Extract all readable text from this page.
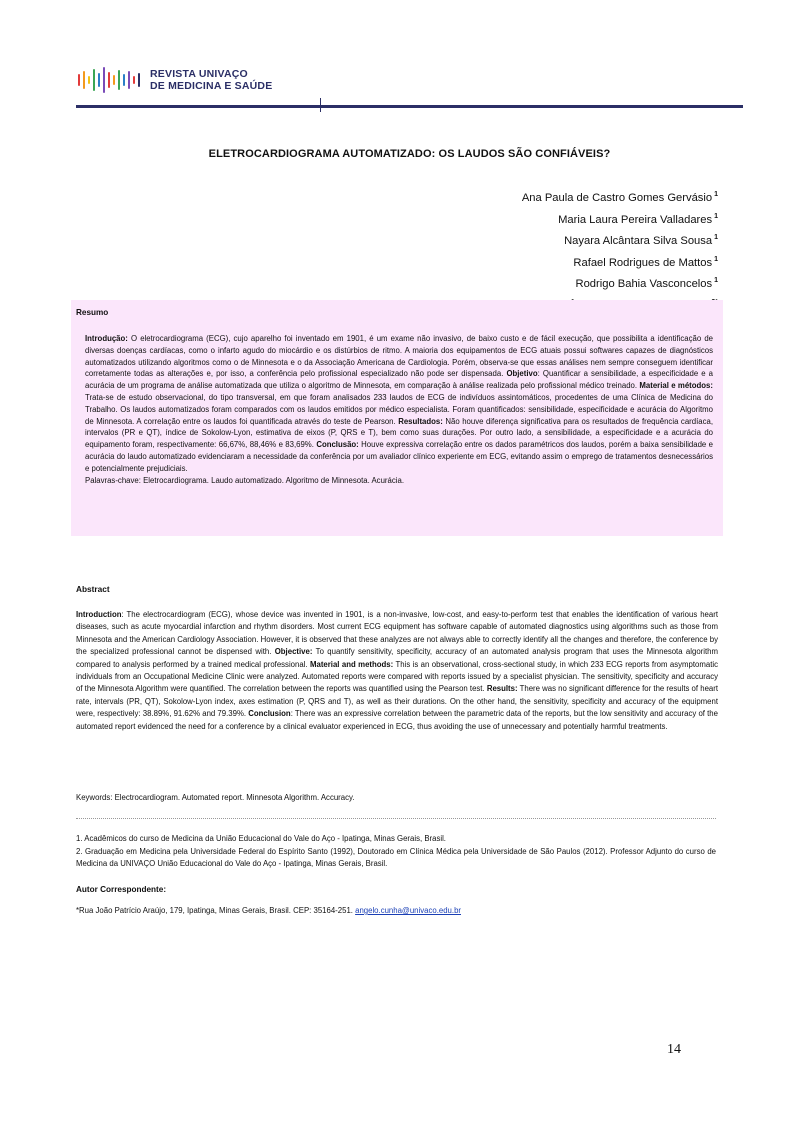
REVISTA UNIVAÇO
DE MEDICINA E SAÚDE
ELETROCARDIOGRAMA AUTOMATIZADO: OS LAUDOS SÃO CONFIÁVEIS?
Ana Paula de Castro Gomes Gervásio $^1$
Maria Laura Pereira Valladares $^1$
Nayara Alcântara Silva Sousa $^1$
Rafael Rodrigues de Mattos $^1$
Rodrigo Bahia Vasconcelos $^1$
Resumo

Introdução: O eletrocardiograma (ECG), cujo aparelho foi inventado em 1901, é um exame não invasivo, de baixo custo e de fácil execução, que possibilita a identificação de diversas doenças cardíacas, como o infarto agudo do miocárdio e os distúrbios de ritmo. A maioria dos equipamentos de ECG atuais possui softwares capazes de diagnósticos automatizados utilizando algoritmos como o de Minnesota e o da Associação Americana de Cardiologia. Porém, observa-se que essas análises nem sempre conseguem identificar corretamente todas as alterações e, por isso, a conferência pelo profissional especializado não pode ser dispensada. Objetivo: Quantificar a sensibilidade, a especificidade e a acurácia de um programa de análise automatizada que utiliza o algoritmo de Minnesota, em comparação à análise realizada pelo profissional médico treinado. Material e métodos: Trata-se de estudo observacional, do tipo transversal, em que foram analisados 233 laudos de ECG de indivíduos assintomáticos, procedentes de uma Clínica de Medicina do Trabalho. Os laudos automatizados foram comparados com os laudos emitidos por médico especialista. Foram quantificados: sensibilidade, especificidade e acurácia do Algoritmo de Minnesota. A correlação entre os laudos foi quantificada através do teste de Pearson. Resultados: Não houve diferença significativa para os resultados de frequência cardíaca, intervalos (PR e QT), índice de Sokolow-Lyon, estimativa de eixos (P, QRS e T), bem como suas durações. Por outro lado, a sensibilidade, a especificidade e a acurácia do equipamento foram, respectivamente: 66,67%, 88,46% e 83,69%. Conclusão: Houve expressiva correlação entre os dados paramétricos dos laudos, porém a baixa sensibilidade e acurácia do laudo automatizado evidenciaram a necessidade da conferência por um avaliador clínico experiente em ECG, evitando assim o emprego de tratamentos desnecessários e potencialmente prejudiciais.

Palavras-chave: Eletrocardiograma. Laudo automatizado. Algoritmo de Minnesota. Acurácia.
Abstract

Introduction: The electrocardiogram (ECG), whose device was invented in 1901, is a non-invasive, low-cost, and easy-to-perform test that enables the identification of various heart diseases, such as acute myocardial infarction and rhythm disorders. Most current ECG equipment has software capable of automated diagnostics using algorithms such as those from Minnesota and the American Cardiology Association. However, it is observed that these analyzes are not always able to correctly identify all the changes and therefore, the conference by the specialized professional cannot be dispensed with. Objective: To quantify sensitivity, specificity, accuracy of an automated analysis program that uses the Minnesota algorithm compared to analysis performed by a trained medical professional. Material and methods: This is an observational, cross-sectional study, in which 233 ECG reports from asymptomatic individuals from an Occupational Medicine Clinic were analyzed. Automated reports were compared with reports issued by a specialist physician. The sensitivity, specificity and accuracy of the Minnesota Algorithm were quantified. The correlation between the reports was quantified using the Pearson test. Results: There was no significant difference for the results of heart rate, intervals (PR, QT), Sokolow-Lyon index, axes estimation (P, QRS and T), as well as their durations. On the other hand, the sensitivity, specificity and accuracy of the equipment were, respectively: 38.89%, 91.62% and 79.39%. Conclusion: There was an expressive correlation between the parametric data of the reports, but the low sensitivity and accuracy of the automated report evidenced the need for a conference by a clinical evaluator experienced in ECG, thus avoiding the use of unnecessary and potentially harmful treatments.

Keywords: Electrocardiogram. Automated report. Minnesota Algorithm. Accuracy.

1. Acadêmicos do curso de Medicina da União Educacional do Vale do Aço - Ipatinga, Minas Gerais, Brasil.

2. Graduação em Medicina pela Universidade Federal do Espírito Santo (1992), Doutorado em Clínica Médica pela Universidade de São Paulos (2012). Professor Adjunto do curso de Medicina da UNIVAÇO União Educacional do Vale do Aço - Ipatinga, Minas Gerais, Brasil.

Autor Correspondente:
*Rua João Patrício Araújo, 179, Ipatinga, Minas Gerais, Brasil. CEP: 35164-251. angelo.cunha@univaco.edu.br
14
